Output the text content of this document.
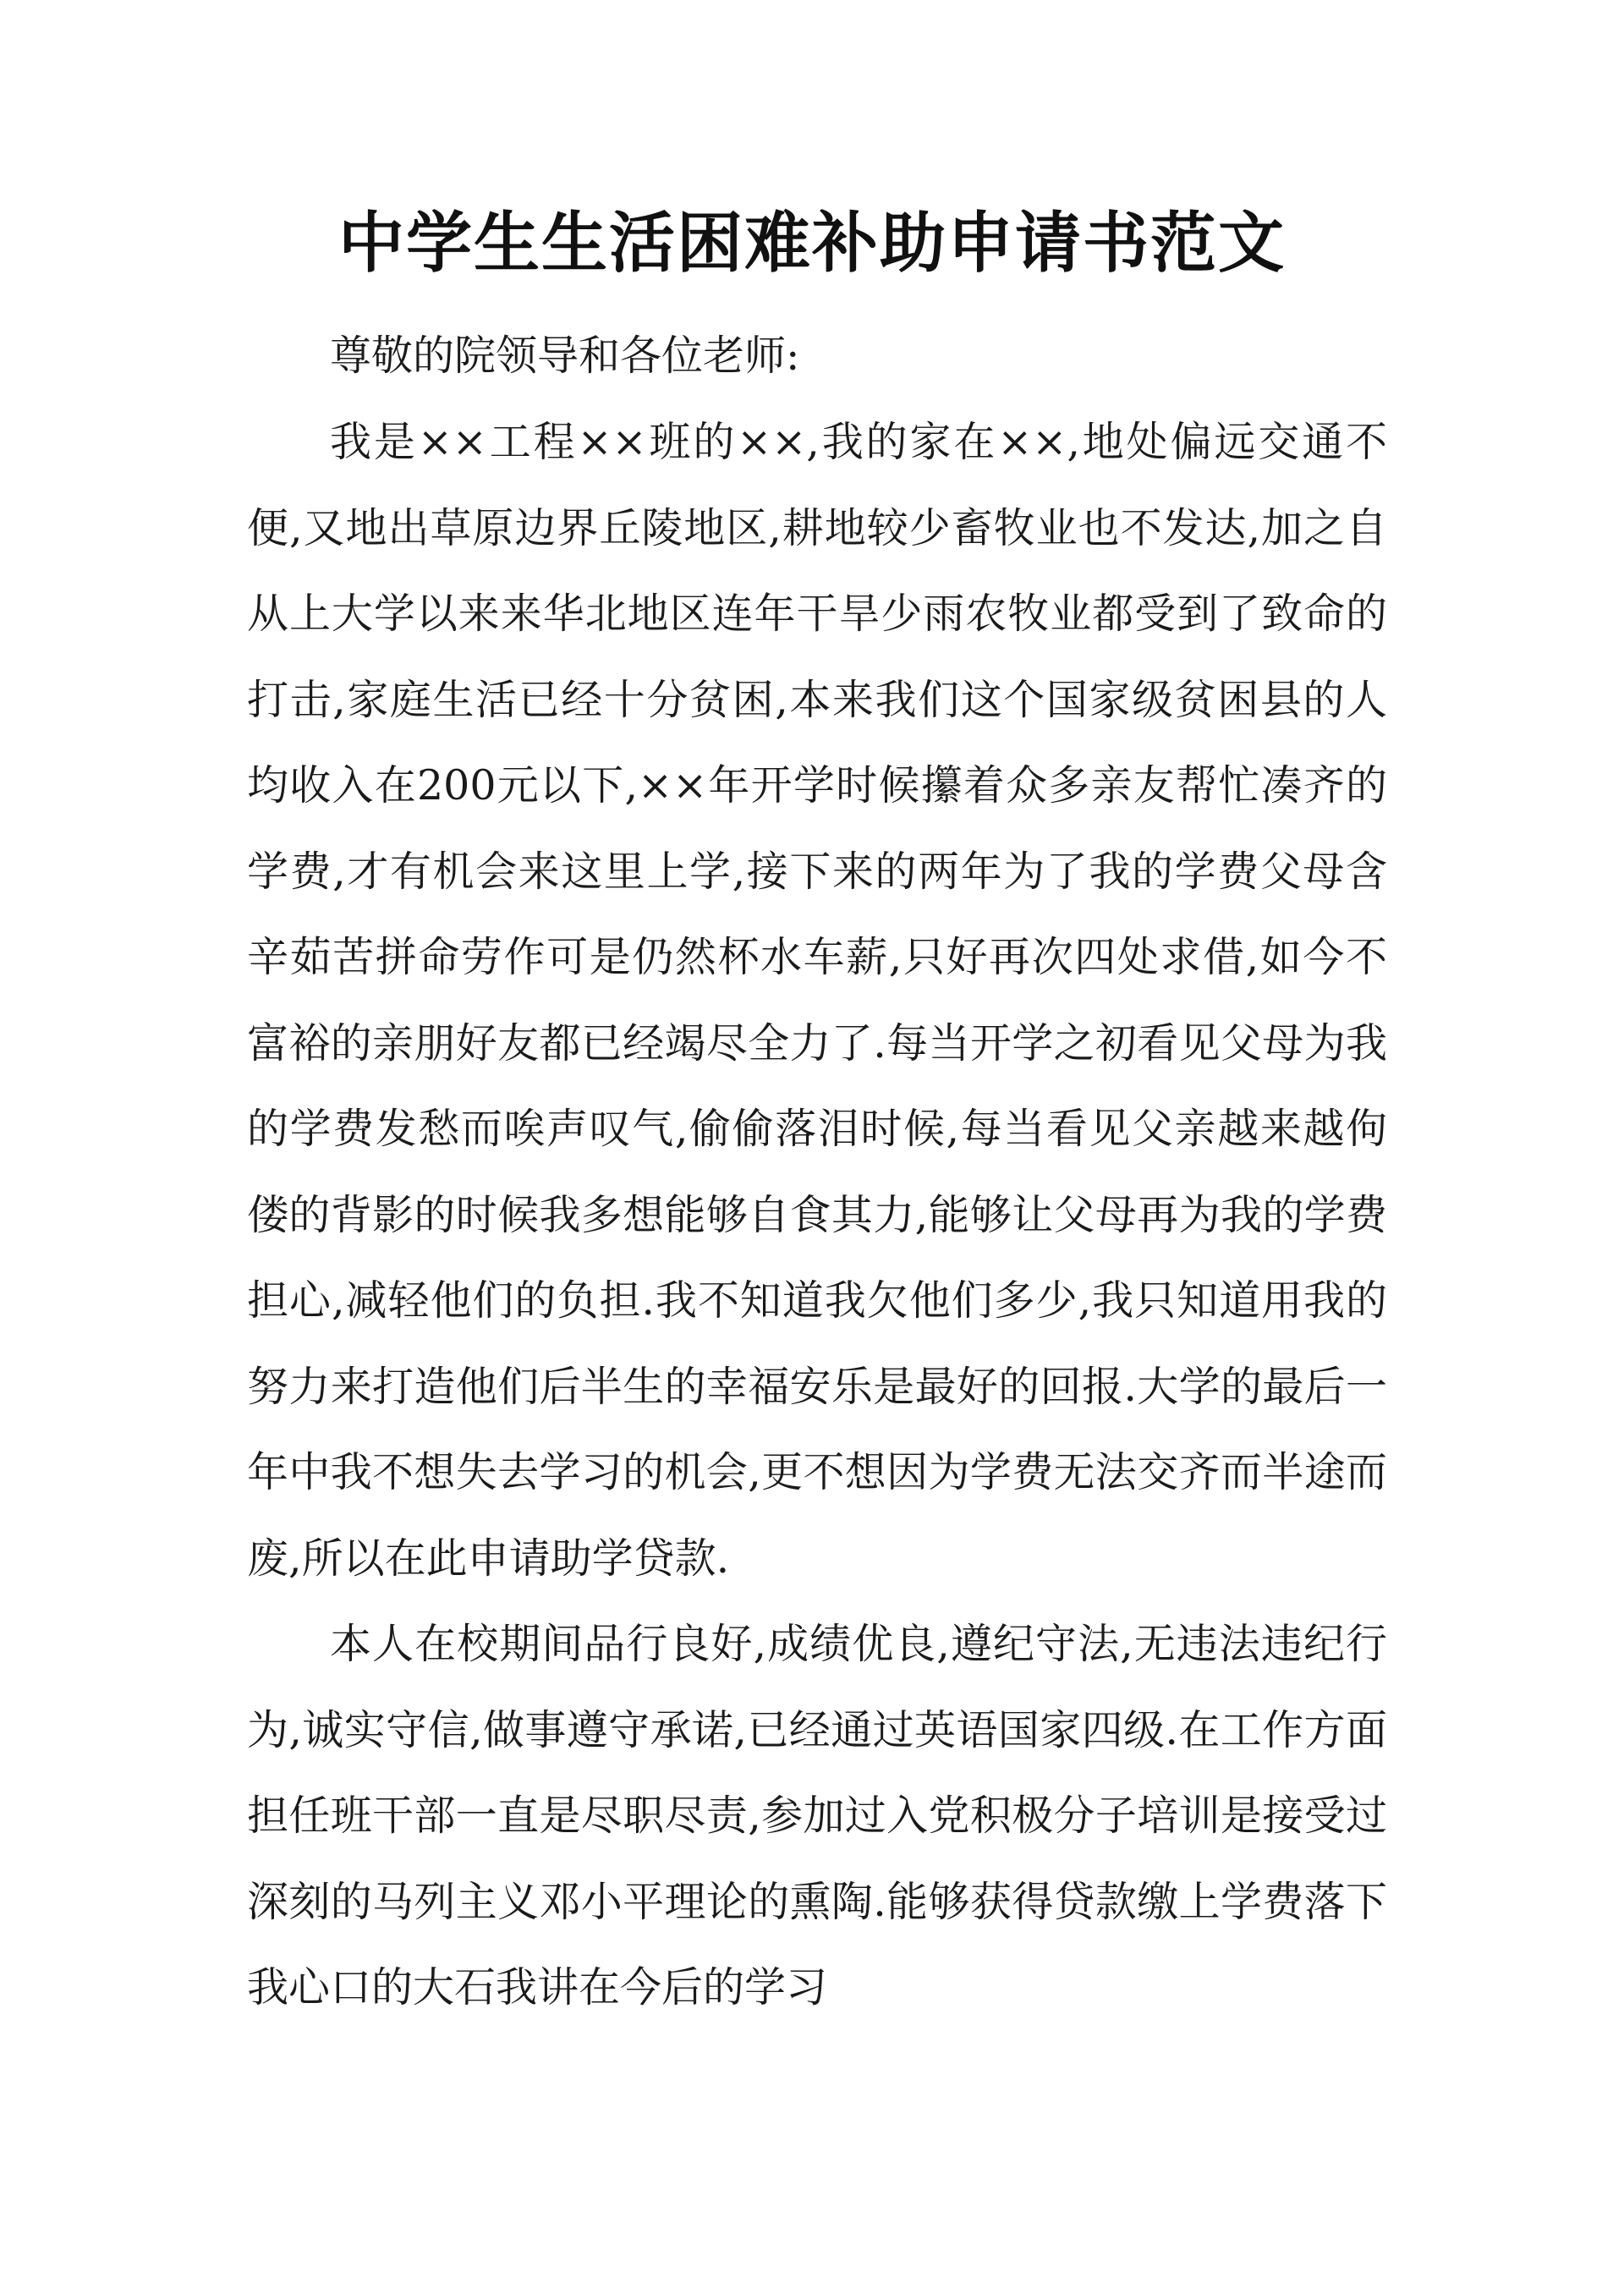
中学生生活困难补助申请书范文

尊敬的院领导和各位老师:

我是××工程××班的××,我的家在××,地处偏远交通不便,又地出草原边界丘陵地区,耕地较少畜牧业也不发达,加之自从上大学以来来华北地区连年干旱少雨农牧业都受到了致命的打击,家庭生活已经十分贫困,本来我们这个国家级贫困县的人均收入在200元以下,××年开学时候攥着众多亲友帮忙凑齐的学费,才有机会来这里上学,接下来的两年为了我的学费父母含辛茹苦拼命劳作可是仍然杯水车薪,只好再次四处求借,如今不富裕的亲朋好友都已经竭尽全力了.每当开学之初看见父母为我的学费发愁而唉声叹气,偷偷落泪时候,每当看见父亲越来越佝偻的背影的时候我多想能够自食其力,能够让父母再为我的学费担心,减轻他们的负担.我不知道我欠他们多少,我只知道用我的努力来打造他们后半生的幸福安乐是最好的回报.大学的最后一年中我不想失去学习的机会,更不想因为学费无法交齐而半途而废,所以在此申请助学贷款.

本人在校期间品行良好,成绩优良,遵纪守法,无违法违纪行为,诚实守信,做事遵守承诺,已经通过英语国家四级.在工作方面担任班干部一直是尽职尽责,参加过入党积极分子培训是接受过深刻的马列主义邓小平理论的熏陶.能够获得贷款缴上学费落下我心口的大石我讲在今后的学习
